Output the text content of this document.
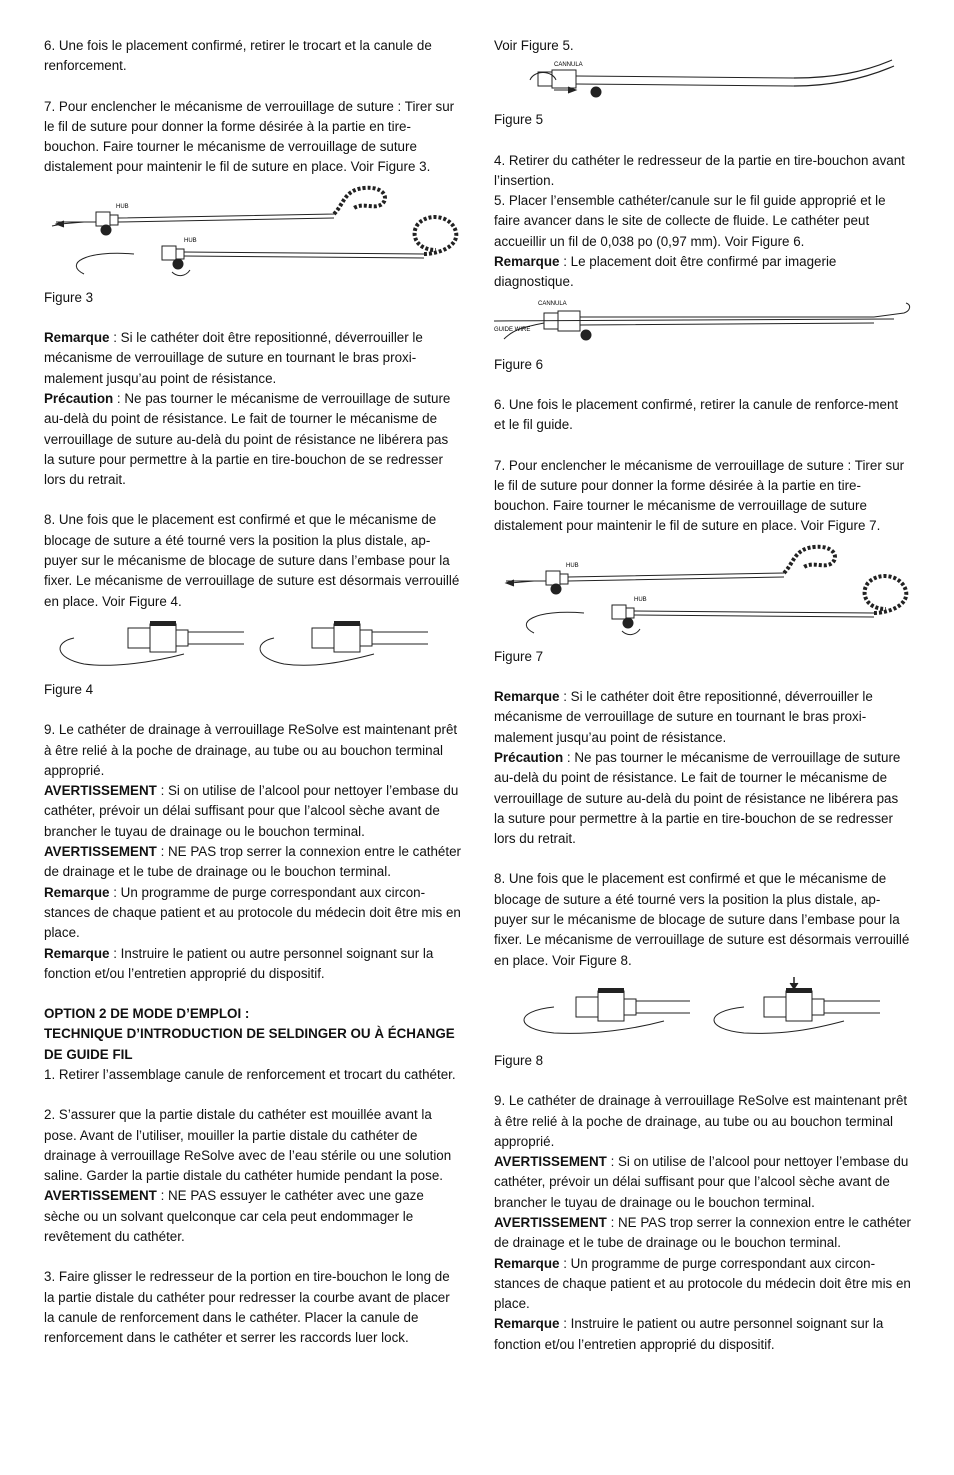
6. Une fois le placement confirmé, retirer le trocart et la canule de renforcement.

7. Pour enclencher le mécanisme de verrouillage de suture : Tirer sur le fil de suture pour donner la forme désirée à la partie en tire-bouchon. Faire tourner le mécanisme de verrouillage de suture distalement pour maintenir le fil de suture en place. Voir Figure 3.

HUB
HUB

Figure 3

Remarque : Si le cathéter doit être repositionné, déverrouiller le mécanisme de verrouillage de suture en tournant le bras proxi-malement jusqu’au point de résistance.

Précaution : Ne pas tourner le mécanisme de verrouillage de suture au-delà du point de résistance. Le fait de tourner le mécanisme de verrouillage de suture au-delà du point de résistance ne libérera pas la suture pour permettre à la partie en tire-bouchon de se redresser lors du retrait.

8. Une fois que le placement est confirmé et que le mécanisme de blocage de suture a été tourné vers la position la plus distale, ap-puyer sur le mécanisme de blocage de suture dans l’embase pour la fixer. Le mécanisme de verrouillage de suture est désormais verrouillé en place. Voir Figure 4.

Figure 4

9. Le cathéter de drainage à verrouillage ReSolve est maintenant prêt à être relié à la poche de drainage, au tube ou au bouchon terminal approprié.

AVERTISSEMENT : Si on utilise de l’alcool pour nettoyer l’embase du cathéter, prévoir un délai suffisant pour que l’alcool sèche avant de brancher le tuyau de drainage ou le bouchon terminal.

AVERTISSEMENT : NE PAS trop serrer la connexion entre le cathéter de drainage et le tube de drainage ou le bouchon terminal.

Remarque : Un programme de purge correspondant aux circon-stances de chaque patient et au protocole du médecin doit être mis en place.

Remarque : Instruire le patient ou autre personnel soignant sur la fonction et/ou l’entretien approprié du dispositif.

OPTION 2 DE MODE D’EMPLOI :

TECHNIQUE D’INTRODUCTION DE SELDINGER OU À ÉCHANGE DE GUIDE FIL

1. Retirer l’assemblage canule de renforcement et trocart du cathéter.

2. S’assurer que la partie distale du cathéter est mouillée avant la pose. Avant de l’utiliser, mouiller la partie distale du cathéter de drainage à verrouillage ReSolve avec de l’eau stérile ou une solution saline. Garder la partie distale du cathéter humide pendant la pose.

AVERTISSEMENT : NE PAS essuyer le cathéter avec une gaze sèche ou un solvant quelconque car cela peut endommager le revêtement du cathéter.

3. Faire glisser le redresseur de la portion en tire-bouchon le long de la partie distale du cathéter pour redresser la courbe avant de placer la canule de renforcement dans le cathéter. Placer la canule de renforcement dans le cathéter et serrer les raccords luer lock.

Voir Figure 5.

CANNULA

Figure 5

4. Retirer du cathéter le redresseur de la partie en tire-bouchon avant l’insertion.

5. Placer l’ensemble cathéter/canule sur le fil guide approprié et le faire avancer dans le site de collecte de fluide. Le cathéter peut accueillir un fil de 0,038 po (0,97 mm). Voir Figure 6.

Remarque : Le placement doit être confirmé par imagerie diagnostique.

CANNULA
GUIDE WIRE

Figure 6

6. Une fois le placement confirmé, retirer la canule de renforce-ment et le fil guide.

7. Pour enclencher le mécanisme de verrouillage de suture : Tirer sur le fil de suture pour donner la forme désirée à la partie en tire-bouchon. Faire tourner le mécanisme de verrouillage de suture distalement pour maintenir le fil de suture en place. Voir Figure 7.

HUB
HUB

Figure 7

Remarque : Si le cathéter doit être repositionné, déverrouiller le mécanisme de verrouillage de suture en tournant le bras proxi-malement jusqu’au point de résistance.

Précaution : Ne pas tourner le mécanisme de verrouillage de suture au-delà du point de résistance. Le fait de tourner le mécanisme de verrouillage de suture au-delà du point de résistance ne libérera pas la suture pour permettre à la partie en tire-bouchon de se redresser lors du retrait.

8. Une fois que le placement est confirmé et que le mécanisme de blocage de suture a été tourné vers la position la plus distale, ap-puyer sur le mécanisme de blocage de suture dans l’embase pour la fixer. Le mécanisme de verrouillage de suture est désormais verrouillé en place. Voir Figure 8.

Figure 8

9. Le cathéter de drainage à verrouillage ReSolve est maintenant prêt à être relié à la poche de drainage, au tube ou au bouchon terminal approprié.

AVERTISSEMENT : Si on utilise de l’alcool pour nettoyer l’embase du cathéter, prévoir un délai suffisant pour que l’alcool sèche avant de brancher le tuyau de drainage ou le bouchon terminal.

AVERTISSEMENT : NE PAS trop serrer la connexion entre le cathéter de drainage et le tube de drainage ou le bouchon terminal.

Remarque : Un programme de purge correspondant aux circon-stances de chaque patient et au protocole du médecin doit être mis en place.

Remarque : Instruire le patient ou autre personnel soignant sur la fonction et/ou l’entretien approprié du dispositif.
